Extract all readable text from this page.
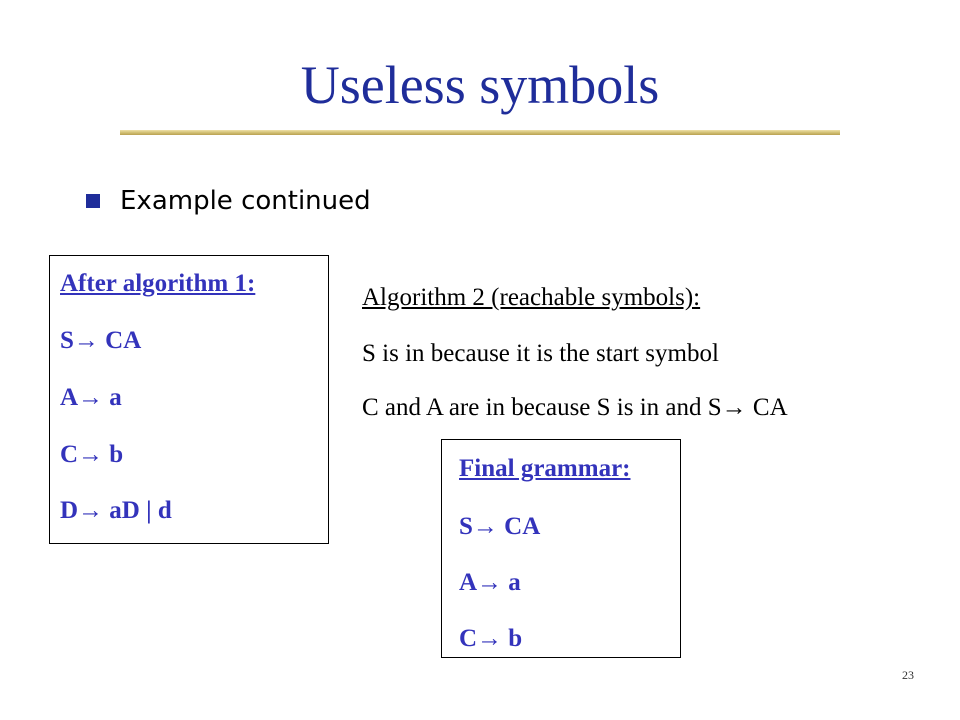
Useless symbols
Example continued
After algorithm 1:
S→ CA
A→ a
C→ b
D→ aD | d
Algorithm 2 (reachable symbols):
S is in because it is the start symbol
C and A are in because S is in and S→ CA
Final grammar:
S→ CA
A→ a
C→ b
23
